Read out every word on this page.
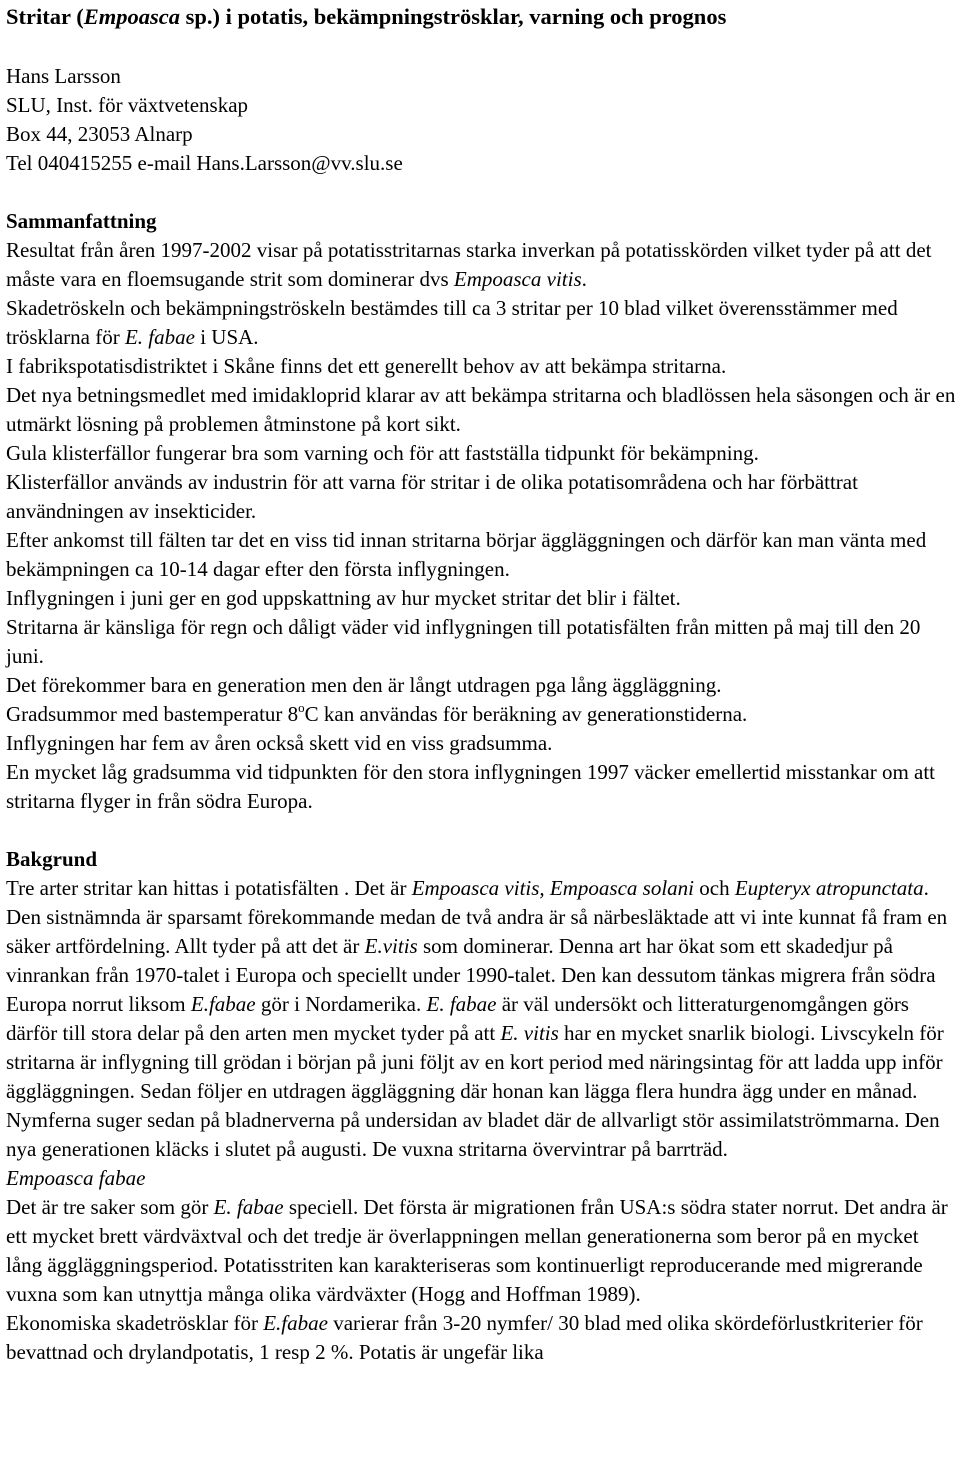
Stritar (Empoasca sp.) i potatis, bekämpningströsklar, varning och prognos
Hans Larsson
SLU, Inst. för växtvetenskap
Box 44, 23053 Alnarp
Tel 040415255 e-mail Hans.Larsson@vv.slu.se
Sammanfattning
Resultat från åren 1997-2002 visar på potatisstritarnas starka inverkan på potatisskörden vilket tyder på att det måste vara en floemsugande strit som dominerar dvs Empoasca vitis.
Skadetröskeln och bekämpningströskeln bestämdes till ca 3 stritar per 10 blad vilket överensstämmer med trösklarna för E. fabae i USA.
I fabrikspotatisdistriktet i Skåne finns det ett generellt behov av att bekämpa stritarna.
Det nya betningsmedlet med imidakloprid klarar av att bekämpa stritarna och bladlössen hela säsongen och är en utmärkt lösning på problemen åtminstone på kort sikt.
Gula klisterfällor fungerar bra som varning och för att fastställa tidpunkt för bekämpning.
Klisterfällor används av industrin för att varna för stritar i de olika potatisområdena och har förbättrat användningen av insekticider.
Efter ankomst till fälten tar det en viss tid innan stritarna börjar äggläggningen och därför kan man vänta med bekämpningen ca 10-14 dagar efter den första inflygningen.
Inflygningen i juni ger en god uppskattning av hur mycket stritar det blir i fältet.
Stritarna är känsliga för regn och dåligt väder vid inflygningen till potatisfälten från mitten på maj till den 20 juni.
Det förekommer bara en generation men den är långt utdragen pga lång äggläggning.
Gradsummor med bastemperatur 8$^o$C kan användas för beräkning av generationstiderna.
Inflygningen har fem av åren också skett vid en viss gradsumma.
En mycket låg gradsumma vid tidpunkten för den stora inflygningen 1997 väcker emellertid misstankar om att stritarna flyger in från södra Europa.
Bakgrund
Tre arter stritar kan hittas i potatisfälten . Det är Empoasca vitis, Empoasca solani och Eupteryx atropunctata. Den sistnämnda är sparsamt förekommande medan de två andra är så närbesläktade att vi inte kunnat få fram en säker artfördelning. Allt tyder på att det är E.vitis som dominerar. Denna art har ökat som ett skadedjur på vinrankan från 1970-talet i Europa och speciellt under 1990-talet. Den kan dessutom tänkas migrera från södra Europa norrut liksom E.fabae gör i Nordamerika. E. fabae är väl undersökt och litteraturgenomgången görs därför till stora delar på den arten men mycket tyder på att E. vitis har en mycket snarlik biologi. Livscykeln för stritarna är inflygning till grödan i början på juni följt av en kort period med näringsintag för att ladda upp inför äggläggningen. Sedan följer en utdragen äggläggning där honan kan lägga flera hundra ägg under en månad. Nymferna suger sedan på bladnerverna på undersidan av bladet där de allvarligt stör assimilatströmmarna. Den nya generationen kläcks i slutet på augusti. De vuxna stritarna övervintrar på barrträd.
Empoasca fabae
Det är tre saker som gör E. fabae speciell. Det första är migrationen från USA:s södra stater norrut. Det andra är ett mycket brett värdväxtval och det tredje är överlappningen mellan generationerna som beror på en mycket lång äggläggningsperiod. Potatisstriten kan karakteriseras som kontinuerligt reproducerande med migrerande vuxna som kan utnyttja många olika värdväxter (Hogg and Hoffman 1989).
Ekonomiska skadetrösklar för E.fabae varierar från 3-20 nymfer/ 30 blad med olika skördeförlustkriterier för bevattnad och drylandpotatis, 1 resp 2 %. Potatis är ungefär lika
